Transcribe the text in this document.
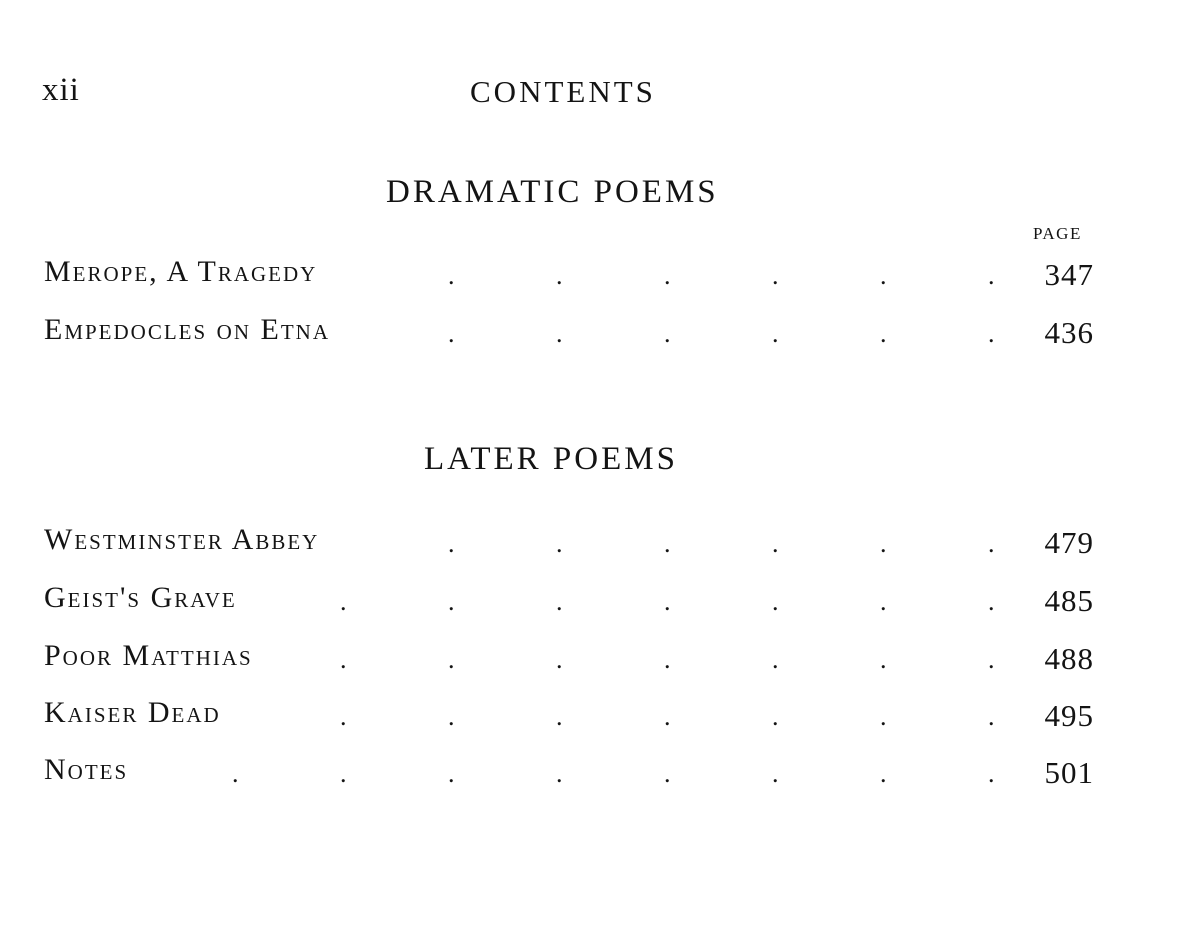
xii	CONTENTS
DRAMATIC POEMS
PAGE
.	.	.	.	.	.
Merope, A Tragedy	347
.	.	.	.	.	.
Empedocles on Etna	436
LATER POEMS
.	.	.	.	.	.
Westminster Abbey	479
.	.	.	.	.	.	.
Geist's Grave	485
.	.	.	.	.	.	.
Poor Matthias	488
.	.	.	.	.	.	.
Kaiser Dead	495
.	.	.	.	.	.	.	.
Notes	501
